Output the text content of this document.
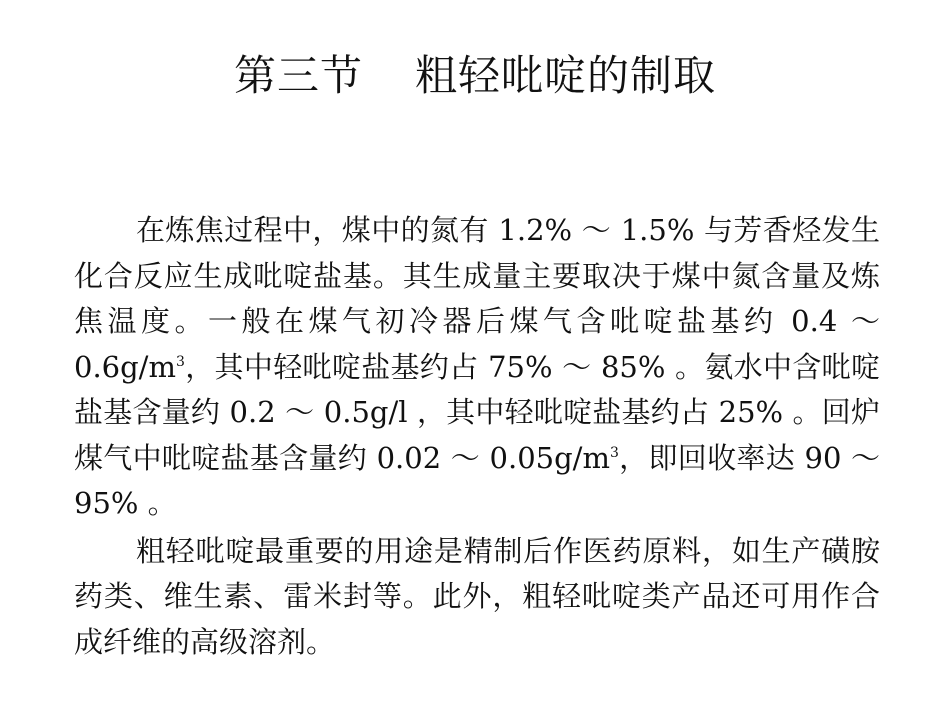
第三节 粗轻吡啶的制取

在炼焦过程中，煤中的氮有 1.2% ～ 1.5% 与芳香烃发生化合反应生成吡啶盐基。其生成量主要取决于煤中氮含量及炼焦温度。一般在煤气初冷器后煤气含吡啶盐基约 0.4 ～ $0.6g/m^3$，其中轻吡啶盐基约占 75% ～ 85% 。氨水中含吡啶盐基含量约 0.2 ～ 0.5g/l ，其中轻吡啶盐基约占 25% 。回炉煤气中吡啶盐基含量约 0.02 ～ $0.05g/m^3$，即回收率达 90 ～ 95% 。

粗轻吡啶最重要的用途是精制后作医药原料，如生产磺胺药类、维生素、雷米封等。此外，粗轻吡啶类产品还可用作合成纤维的高级溶剂。
